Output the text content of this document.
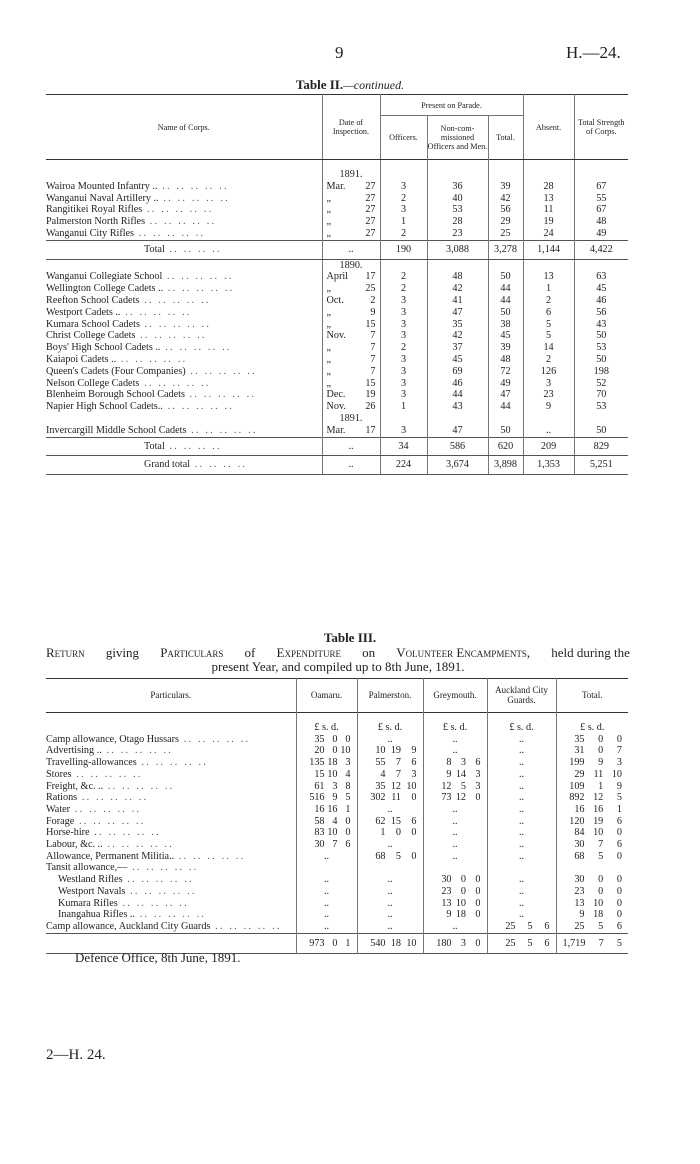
9	H.—24.
Table II.—continued.
Name of Corps.	Date of Inspection.	Present on Parade.			Absent.	Total Strength of Corps.
		Officers.	Non-com-missioned Officers and Men.	Total.		

	1891.					
Wairoa Mounted Infantry .. .. .. .. .. ..	Mar. 27	3	36	39	28	67
Wanganui Naval Artillery .. .. .. .. .. ..	„ 27	2	40	42	13	55
Rangitikei Royal Rifles .. .. .. .. ..	„ 27	3	53	56	11	67
Palmerston North Rifles .. .. .. .. ..	„ 27	1	28	29	19	48
Wanganui City Rifles .. .. .. .. ..	„ 27	2	23	25	24	49
Total .. .. .. ..	..	190	3,088	3,278	1,144	4,422
	1890.					
Wanganui Collegiate School .. .. .. .. ..	April 17	2	48	50	13	63
Wellington College Cadets .. .. .. .. .. ..	„ 25	2	42	44	1	45
Reefton School Cadets .. .. .. .. ..	Oct. 2	3	41	44	2	46
Westport Cadets .. .. .. .. .. ..	„ 9	3	47	50	6	56
Kumara School Cadets .. .. .. .. ..	„ 15	3	35	38	5	43
Christ College Cadets .. .. .. .. ..	Nov. 7	3	42	45	5	50
Boys' High School Cadets .. .. .. .. .. ..	„ 7	2	37	39	14	53
Kaiapoi Cadets .. .. .. .. .. ..	„ 7	3	45	48	2	50
Queen's Cadets (Four Companies) .. .. .. .. ..	„ 7	3	69	72	126	198
Nelson College Cadets .. .. .. .. ..	„ 15	3	46	49	3	52
Blenheim Borough School Cadets .. .. .. .. ..	Dec. 19	3	44	47	23	70
Napier High School Cadets.. .. .. .. .. ..	Nov. 26	1	43	44	9	53
	1891.					
Invercargill Middle School Cadets .. .. .. .. ..	Mar. 17	3	47	50	..	50
Total .. .. .. ..	..	34	586	620	209	829
Grand total .. .. .. ..	..	224	3,674	3,898	1,353	5,251
Table III.
Return giving Particulars of Expenditure on Volunteer Encampments, held during the
present Year, and compiled up to 8th June, 1891.
Particulars.	Oamaru.	Palmerston.	Greymouth.	Auckland City Guards.	Total.

	£ s. d.	£ s. d.	£ s. d.	£ s. d.	£ s. d.
Camp allowance, Otago Hussars .. .. .. .. ..	35 0 0	..	..	..	35 0 0

Advertising .. .. .. .. .. ..	20 0 10	10 19 9	..	..	31 0 7

Travelling-allowances .. .. .. .. ..	135 18 3	55 7 6	8 3 6	..	199 9 3

Stores .. .. .. .. ..	15 10 4	4 7 3	9 14 3	..	29 11 10

Freight, &c. .. .. .. .. .. ..	61 3 8	35 12 10	12 5 3	..	109 1 9

Rations .. .. .. .. ..	516 9 5	302 11 0	73 12 0	..	892 12 5

Water .. .. .. .. ..	16 16 1	..	..	..	16 16 1

Forage .. .. .. .. ..	58 4 0	62 15 6	..	..	120 19 6

Horse-hire .. .. .. .. ..	83 10 0	1 0 0	..	..	84 10 0

Labour, &c. .. .. .. .. .. ..	30 7 6	..	..	..	30 7 6

Allowance, Permanent Militia.. .. .. .. .. ..	..	68 5 0	..	..	68 5 0

Tansit allowance,— .. .. .. .. ..	

Westland Rifles .. .. .. .. ..	..	..	30 0 0	..	30 0 0

Westport Navals .. .. .. .. ..	..	..	23 0 0	..	23 0 0

Kumara Rifles .. .. .. .. ..	..	..	13 10 0	..	13 10 0

Inangahua Rifles .. .. .. .. .. ..	..	..	9 18 0	..	9 18 0

Camp allowance, Auckland City Guards .. .. .. .. ..	..	..	..	25 5 6	25 5 6

	973 0 1	540 18 10	180 3 0	25 5 6	1,719 7 5
Defence Office, 8th June, 1891.
2—H. 24.
